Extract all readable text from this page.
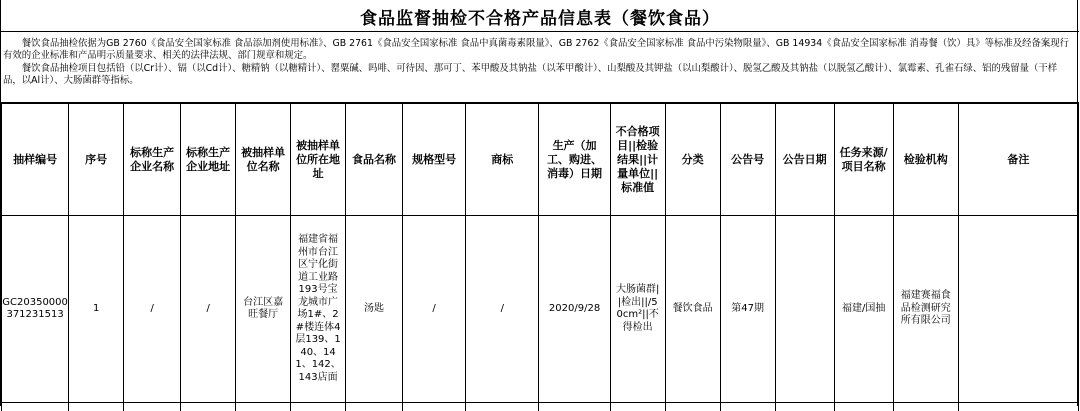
食品监督抽检不合格产品信息表（餐饮食品）

　　餐饮食品抽检依据为GB 2760《食品安全国家标准 食品添加剂使用标准》、GB 2761《食品安全国家标准 食品中真菌毒素限量》、GB 2762《食品安全国家标准 食品中污染物限量》、GB 14934《食品安全国家标准 消毒餐（饮）具》等标准及经备案现行有效的企业标准和产品明示质量要求、相关的法律法规、部门规章和规定。

　　餐饮食品抽检项目包括铅（以Cr计）、镉（以Cd计）、糖精钠（以糖精计）、罂粟碱、吗啡、可待因、那可丁、苯甲酸及其钠盐（以苯甲酸计）、山梨酸及其钾盐（以山梨酸计）、脱氢乙酸及其钠盐（以脱氢乙酸计）、氯霉素、孔雀石绿、铝的残留量（干样品，以Al计）、大肠菌群等指标。

抽样编号	序号	标称生产企业名称	标称生产企业地址	被抽样单位名称	被抽样单位所在地址	食品名称	规格型号	商标	生产（加工、购进、消毒）日期	不合格项目||检验结果||计量单位||标准值	分类	公告号	公告日期	任务来源/项目名称	检验机构	备注
GC20350000371231513	1	/	/	台江区嘉旺餐厅	福建省福州市台江区宁化街道工业路193号宝龙城市广场1#、2#楼连体4层139、140、141、142、143店面	汤匙	/	/	2020/9/28	大肠菌群||检出||/50cm²||不得检出	餐饮食品	第47期		福建/国抽	福建赛福食品检测研究所有限公司	
